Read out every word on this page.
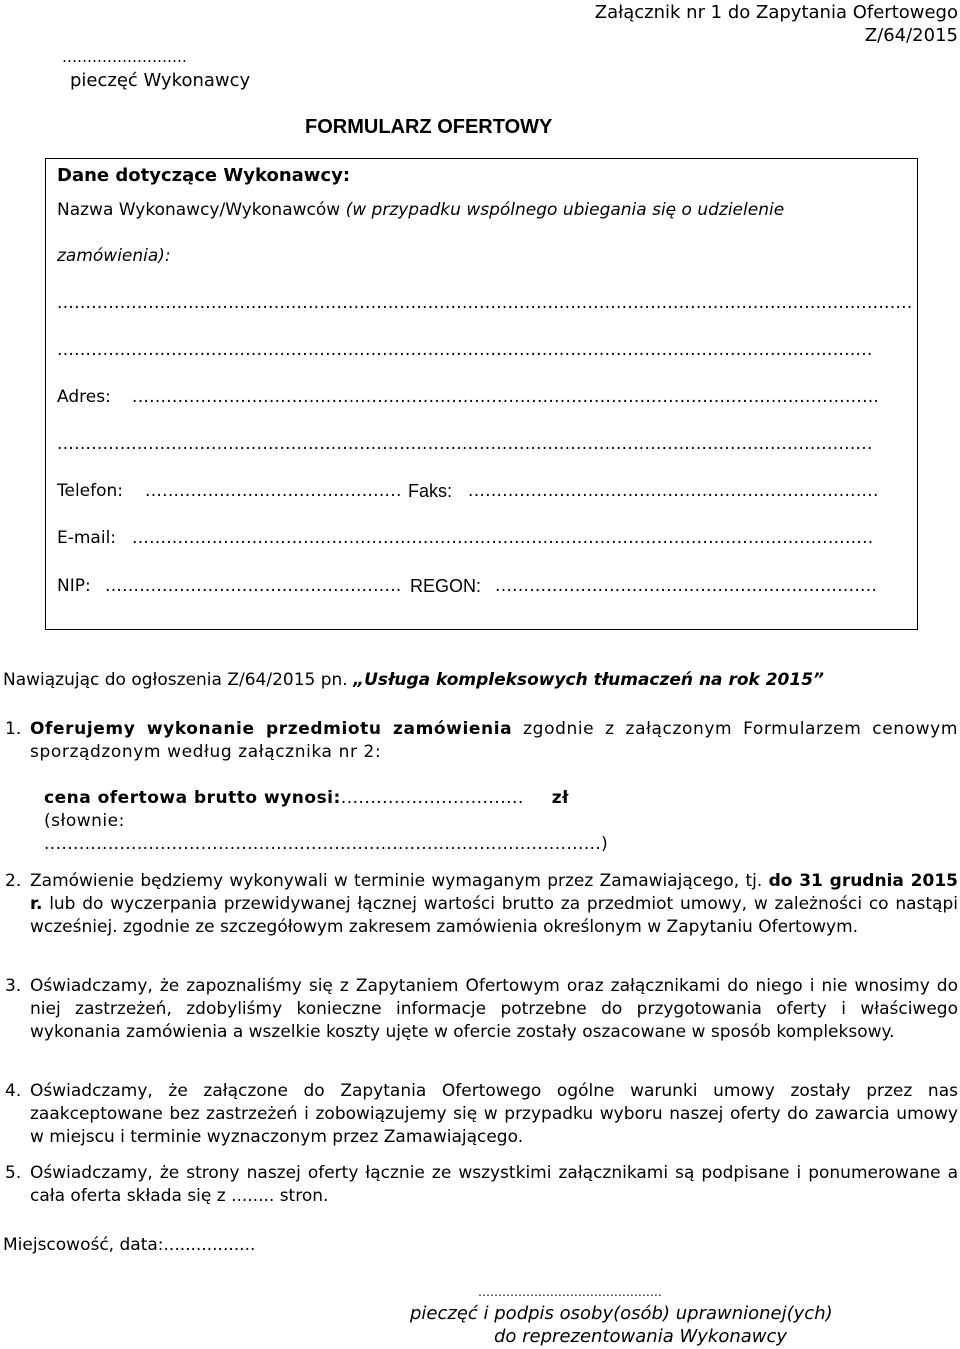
…………………….
pieczęć Wykonawcy
Załącznik nr 1 do Zapytania Ofertowego
Z/64/2015
FORMULARZ OFERTOWY
Dane dotyczące Wykonawcy:
Nazwa Wykonawcy/Wykonawców (w przypadku wspólnego ubiegania się o udzielenie
zamówienia):
.....
.....
Adres:
.....
.....
Telefon: .....	Faks:
.....
E-mail:
.....
NIP: .....	REGON:
.....
Nawiązując do ogłoszenia Z/64/2015 pn. „Usługa kompleksowych tłumaczeń na rok 2015”
1. Oferujemy wykonanie przedmiotu zamówienia zgodnie z załączonym Formularzem cenowym sporządzonym według załącznika nr 2:
cena ofertowa brutto wynosi:............................... zł
(słownie:
................................................................................................)
2. Zamówienie będziemy wykonywali w terminie wymaganym przez Zamawiającego, tj. do 31 grudnia 2015 r. lub do wyczerpania przewidywanej łącznej wartości brutto za przedmiot umowy, w zależności co nastąpi wcześniej. zgodnie ze szczegółowym zakresem zamówienia określonym w Zapytaniu Ofertowym.
3. Oświadczamy, że zapoznaliśmy się z Zapytaniem Ofertowym oraz załącznikami do niego i nie wnosimy do niej zastrzeżeń, zdobyliśmy konieczne informacje potrzebne do przygotowania oferty i właściwego wykonania zamówienia a wszelkie koszty ujęte w ofercie zostały oszacowane w sposób kompleksowy.
4. Oświadczamy, że załączone do Zapytania Ofertowego ogólne warunki umowy zostały przez nas zaakceptowane bez zastrzeżeń i zobowiązujemy się w przypadku wyboru naszej oferty do zawarcia umowy w miejscu i terminie wyznaczonym przez Zamawiającego.
5. Oświadczamy, że strony naszej oferty łącznie ze wszystkimi załącznikami są podpisane i ponumerowane a cała oferta składa się z ........ stron.
Miejscowość, data:.................
…………….…………………………
pieczęć i podpis osoby(osób) uprawnionej(ych)
do reprezentowania Wykonawcy
